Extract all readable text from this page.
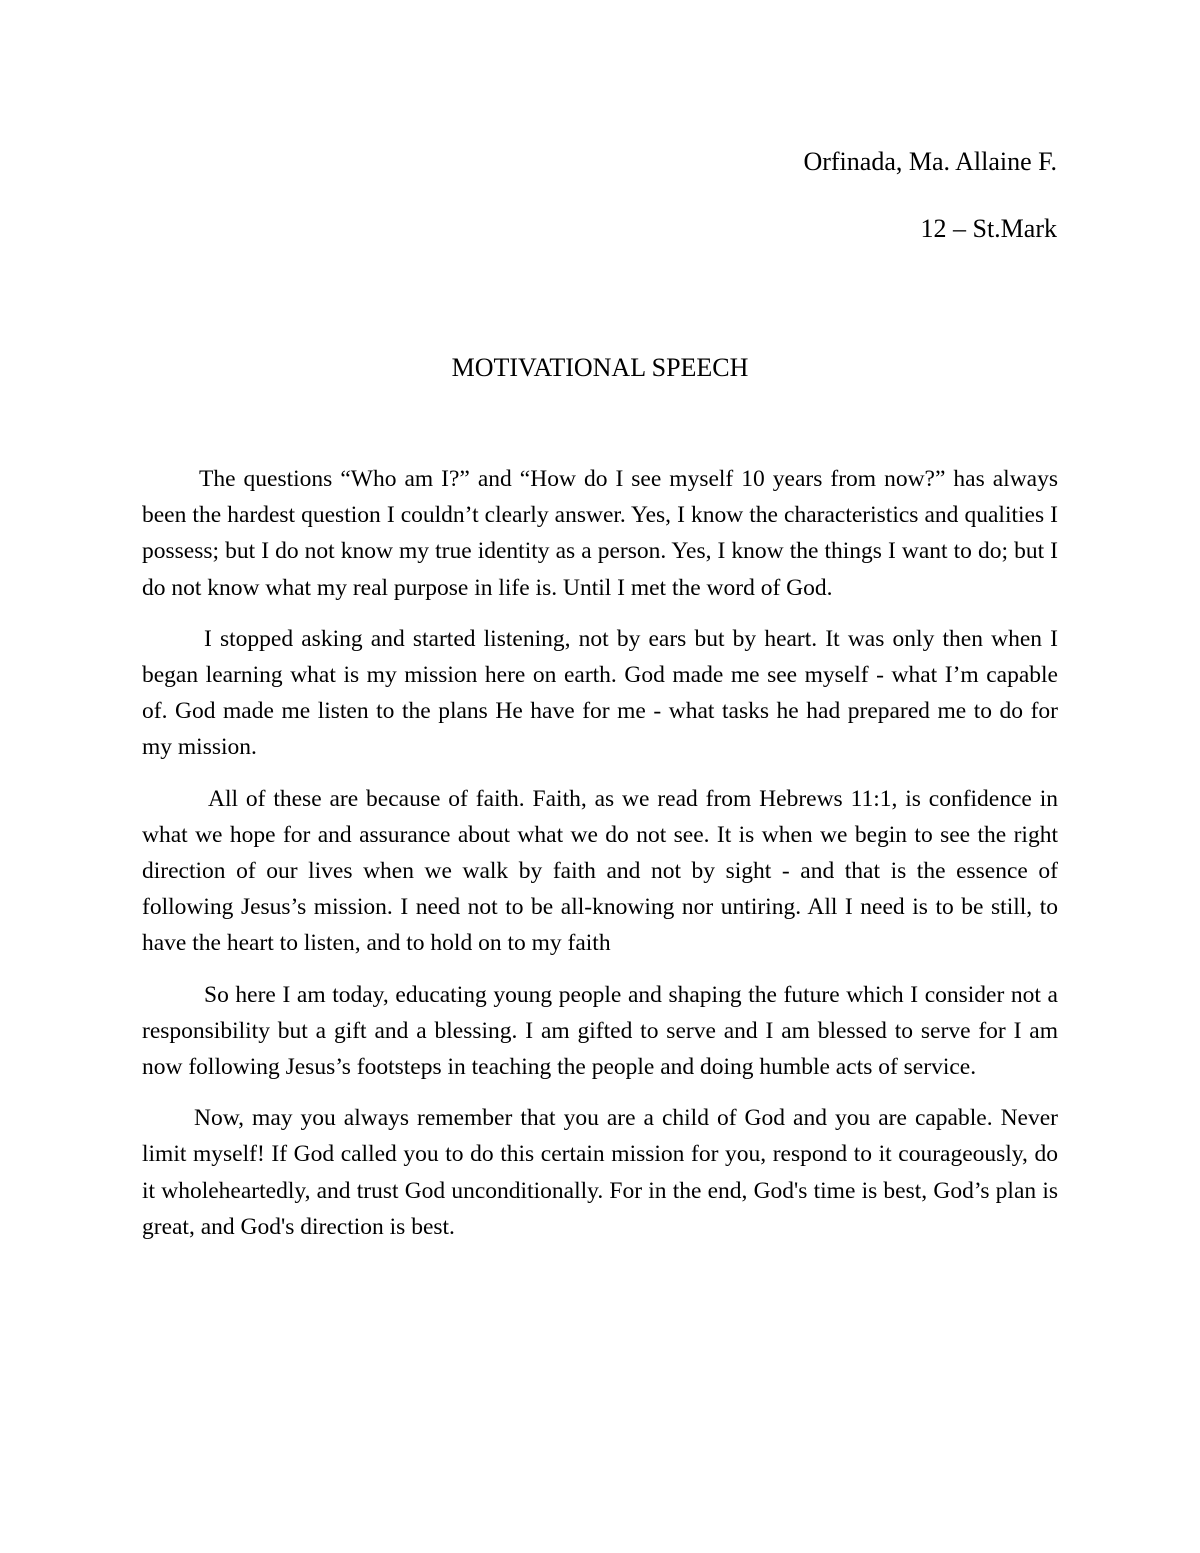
Orfinada, Ma. Allaine F.
12 – St.Mark
MOTIVATIONAL SPEECH

The questions “Who am I?” and “How do I see myself 10 years from now?” has always been the hardest question I couldn’t clearly answer. Yes, I know the characteristics and qualities I possess; but I do not know my true identity as a person. Yes, I know the things I want to do; but I do not know what my real purpose in life is. Until I met the word of God.

I stopped asking and started listening, not by ears but by heart. It was only then when I began learning what is my mission here on earth. God made me see myself - what I’m capable of. God made me listen to the plans He have for me - what tasks he had prepared me to do for my mission.

All of these are because of faith. Faith, as we read from Hebrews 11:1, is confidence in what we hope for and assurance about what we do not see. It is when we begin to see the right direction of our lives when we walk by faith and not by sight - and that is the essence of following Jesus’s mission. I need not to be all-knowing nor untiring. All I need is to be still, to have the heart to listen, and to hold on to my faith

So here I am today, educating young people and shaping the future which I consider not a responsibility but a gift and a blessing. I am gifted to serve and I am blessed to serve for I am now following Jesus’s footsteps in teaching the people and doing humble acts of service.

Now, may you always remember that you are a child of God and you are capable. Never limit myself! If God called you to do this certain mission for you, respond to it courageously, do it wholeheartedly, and trust God unconditionally. For in the end, God's time is best, God’s plan is great, and God's direction is best.
